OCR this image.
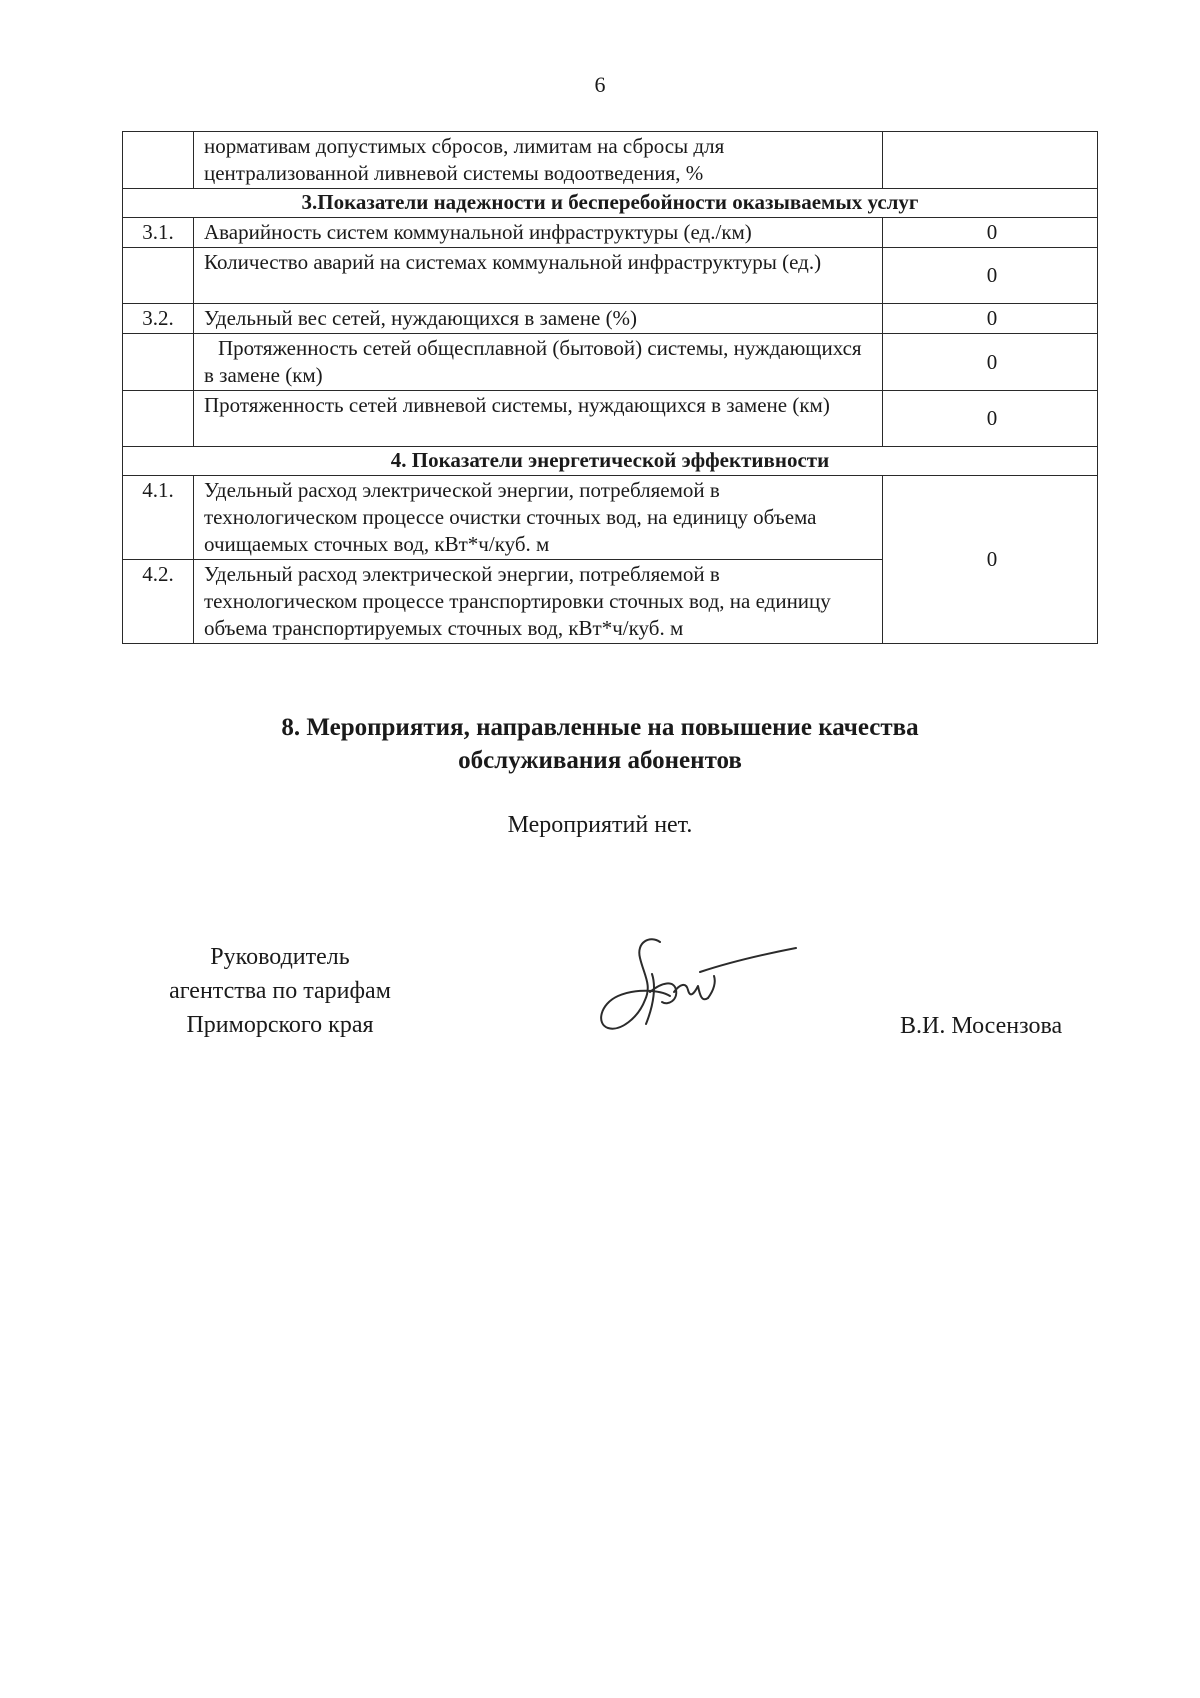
6
	нормативам допустимых сбросов, лимитам на сбросы для централизованной ливневой системы водоотведения, %	
3.Показатели надежности и бесперебойности оказываемых услуг		
3.1.	Аварийность систем коммунальной инфраструктуры (ед./км)	0
	Количество аварий на системах коммунальной инфраструктуры (ед.)	0
3.2.	Удельный вес сетей, нуждающихся в замене (%)	0
	Протяженность сетей общесплавной (бытовой) системы, нуждающихся в замене (км)	0
	Протяженность сетей ливневой системы, нуждающихся в замене (км)	0
4. Показатели энергетической эффективности		
4.1.	Удельный расход электрической энергии, потребляемой в технологическом процессе очистки сточных вод, на единицу объема очищаемых сточных вод, кВт*ч/куб. м	0
4.2.	Удельный расход электрической энергии, потребляемой в технологическом процессе транспортировки сточных вод, на единицу объема транспортируемых сточных вод, кВт*ч/куб. м	
8. Мероприятия, направленные на повышение качества
обслуживания абонентов
Мероприятий нет.
Руководитель
агентства по тарифам
Приморского края	В.И. Мосензова
